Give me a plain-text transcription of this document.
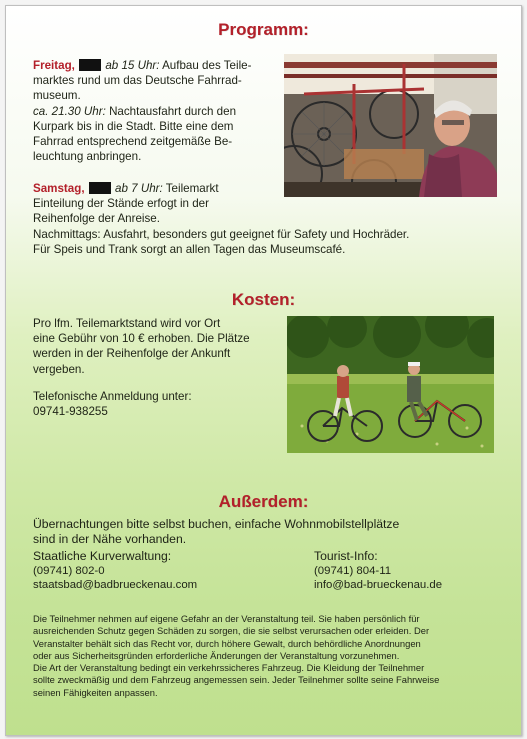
Programm:
Freitag,	ab 15 Uhr: Aufbau des Teile-
marktes rund um das Deutsche Fahrrad-
museum.
ca. 21.30 Uhr: Nachtausfahrt durch den
Kurpark bis in die Stadt. Bitte eine dem
Fahrrad entsprechend zeitgemäße Be-
leuchtung anbringen.
Samstag,	ab 7 Uhr: Teilemarkt
Einteilung der Stände erfogt in der
Reihenfolge der Anreise.
Nachmittags: Ausfahrt, besonders gut geeignet für Safety und Hochräder.
Für Speis und Trank sorgt an allen Tagen das Museumscafé.
Kosten:
Pro lfm. Teilemarktstand wird vor Ort
eine Gebühr von 10 € erhoben. Die Plätze
werden in der Reihenfolge der Ankunft
vergeben.
Telefonische Anmeldung unter:
09741-938255
Außerdem:
Übernachtungen bitte selbst buchen, einfache Wohnmobilstellplätze
sind in der Nähe vorhanden.
Staatliche Kurverwaltung:
(09741) 802-0
staatsbad@badbrueckenau.com
Tourist-Info:
(09741) 804-11
info@bad-brueckenau.de
Die Teilnehmer nehmen auf eigene Gefahr an der Veranstaltung teil. Sie haben persönlich für
ausreichenden Schutz gegen Schäden zu sorgen, die sie selbst verursachen oder erleiden. Der
Veranstalter behält sich das Recht vor, durch höhere Gewalt, durch behördliche Anordnungen
oder aus Sicherheitsgründen erforderliche Änderungen der Veranstaltung vorzunehmen.
Die Art der Veranstaltung bedingt ein verkehrssicheres Fahrzeug. Die Kleidung der Teilnehmer
sollte zweckmäßig und dem Fahrzeug angemessen sein. Jeder Teilnehmer sollte seine Fahrweise
seinen Fähigkeiten anpassen.
